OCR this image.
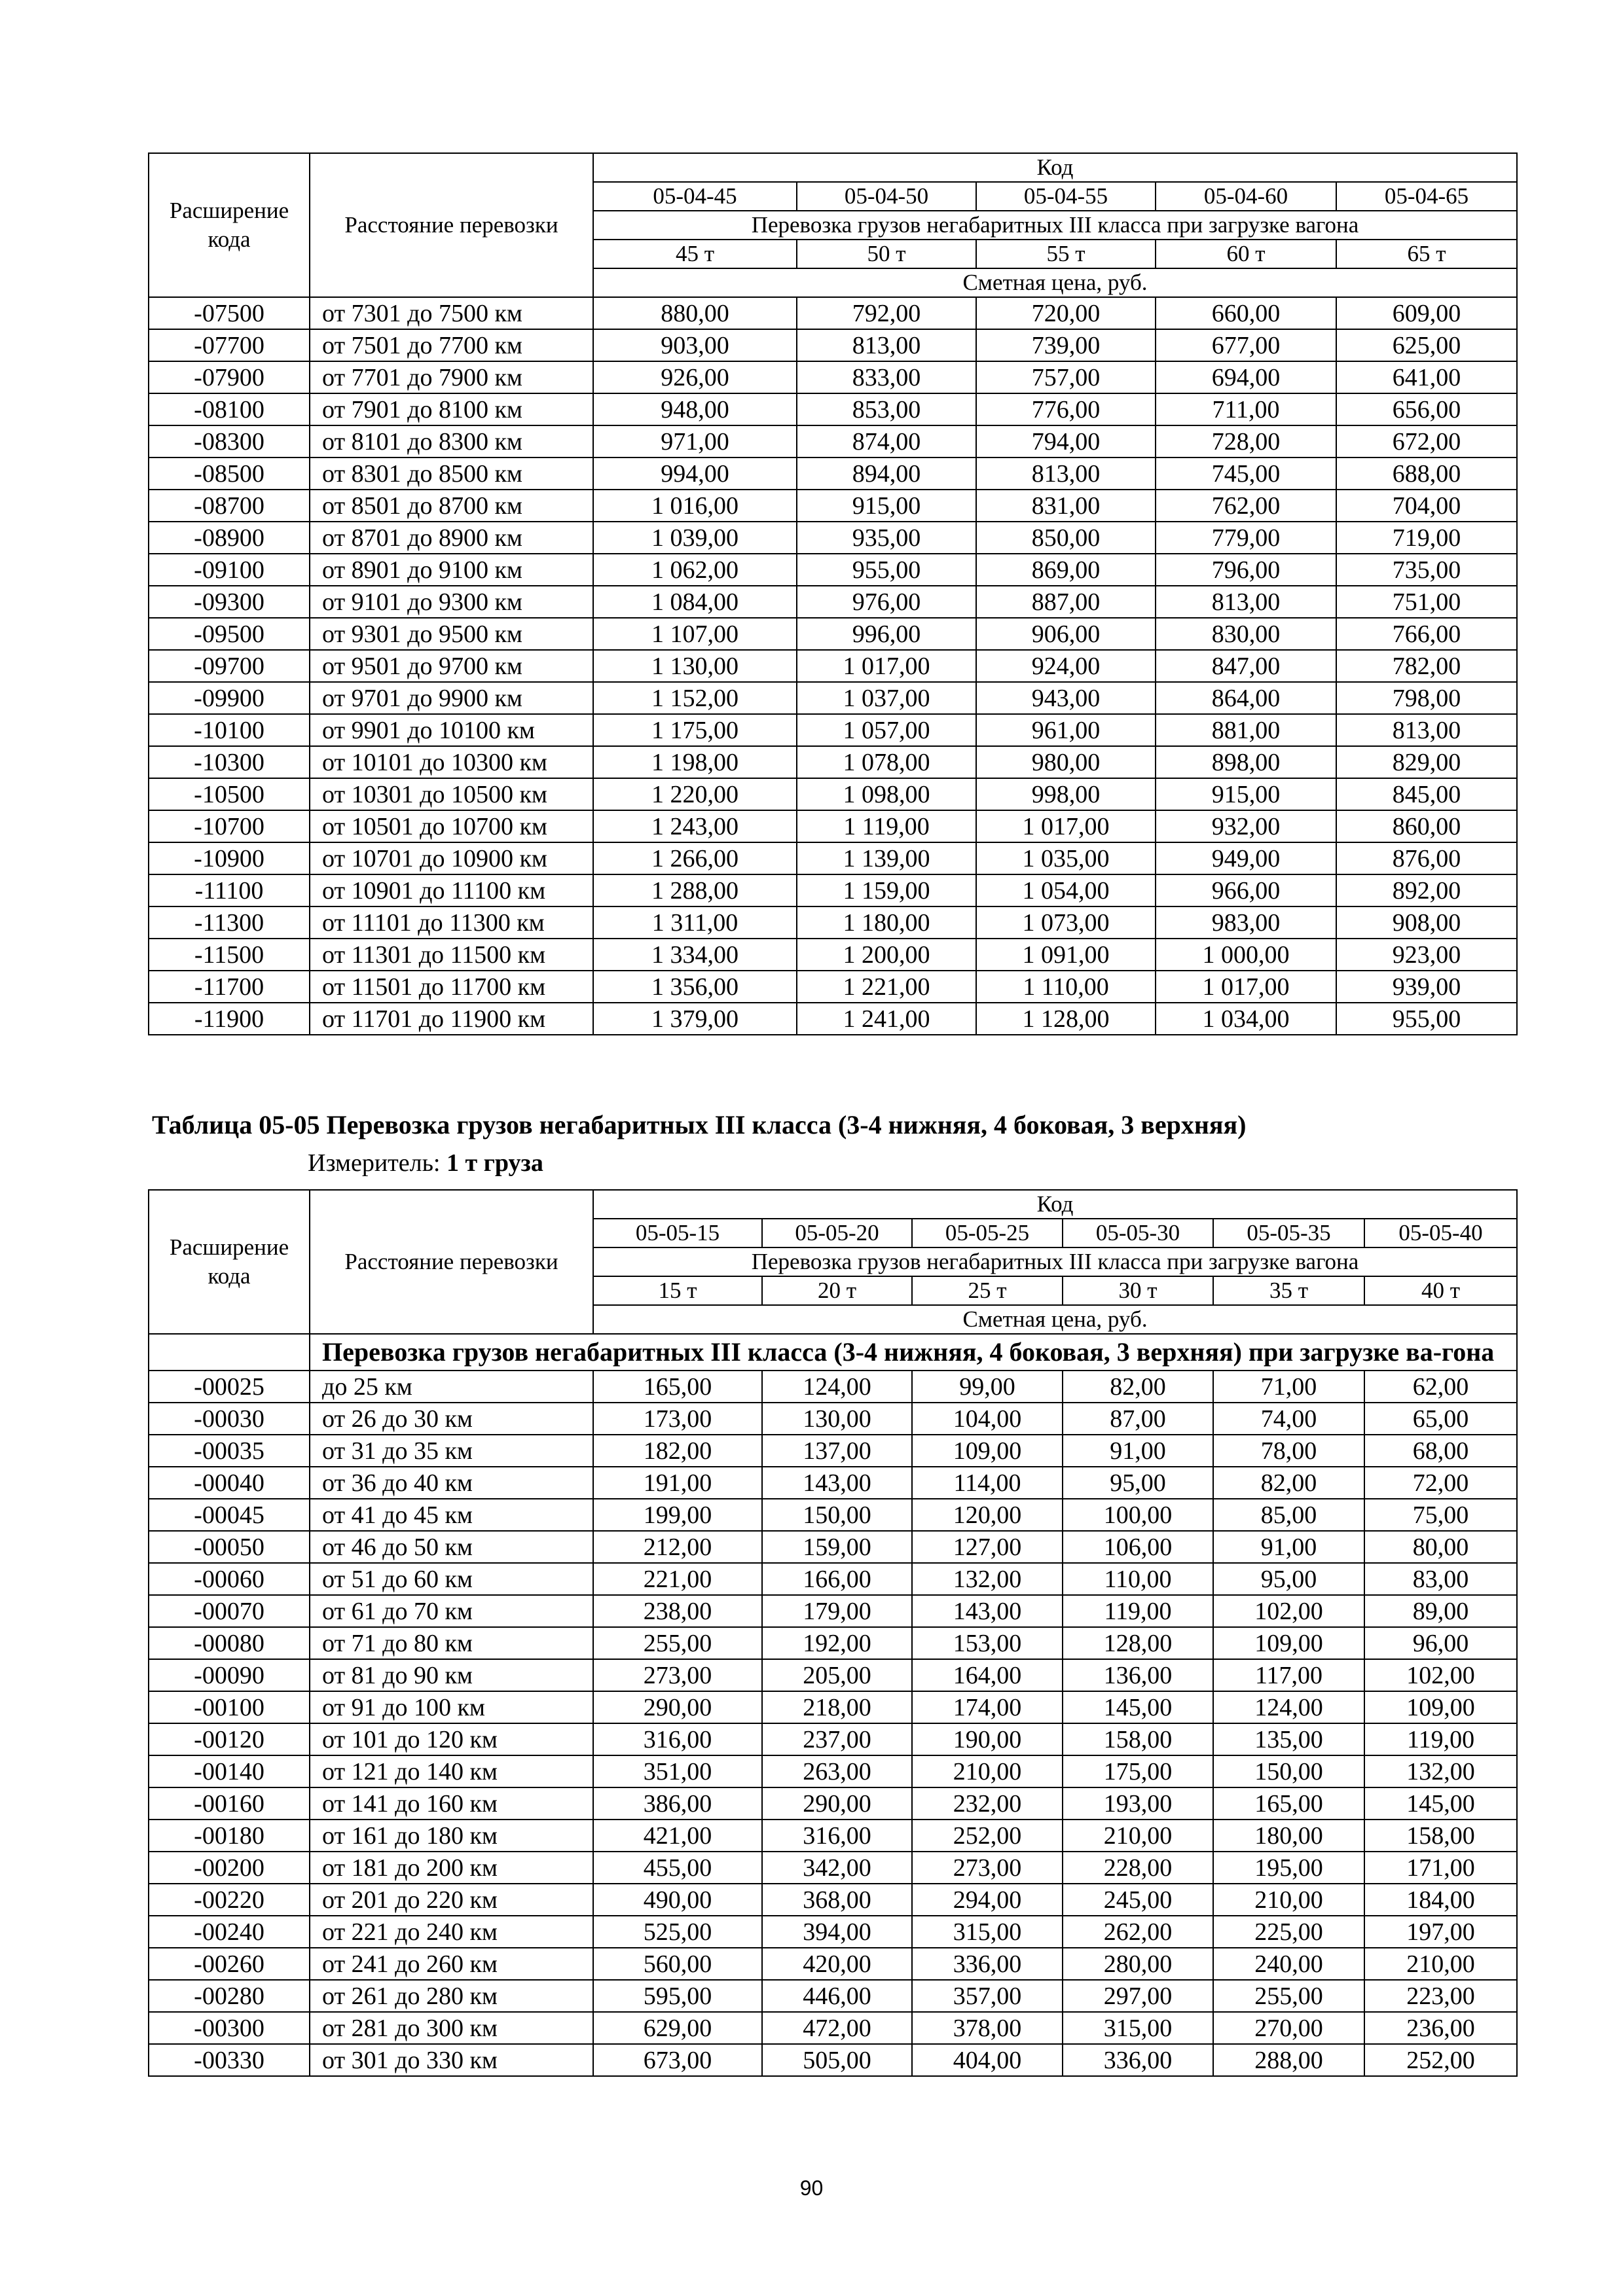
Расширение кода	Расстояние перевозки	Код				
		05-04-45	05-04-50	05-04-55	05-04-60	05-04-65
		Перевозка грузов негабаритных III класса при загрузке вагона				
		45 т	50 т	55 т	60 т	65 т
		Сметная цена, руб.				
-07500	от 7301 до 7500 км	880,00	792,00	720,00	660,00	609,00
-07700	от 7501 до 7700 км	903,00	813,00	739,00	677,00	625,00
-07900	от 7701 до 7900 км	926,00	833,00	757,00	694,00	641,00
-08100	от 7901 до 8100 км	948,00	853,00	776,00	711,00	656,00
-08300	от 8101 до 8300 км	971,00	874,00	794,00	728,00	672,00
-08500	от 8301 до 8500 км	994,00	894,00	813,00	745,00	688,00
-08700	от 8501 до 8700 км	1 016,00	915,00	831,00	762,00	704,00
-08900	от 8701 до 8900 км	1 039,00	935,00	850,00	779,00	719,00
-09100	от 8901 до 9100 км	1 062,00	955,00	869,00	796,00	735,00
-09300	от 9101 до 9300 км	1 084,00	976,00	887,00	813,00	751,00
-09500	от 9301 до 9500 км	1 107,00	996,00	906,00	830,00	766,00
-09700	от 9501 до 9700 км	1 130,00	1 017,00	924,00	847,00	782,00
-09900	от 9701 до 9900 км	1 152,00	1 037,00	943,00	864,00	798,00
-10100	от 9901 до 10100 км	1 175,00	1 057,00	961,00	881,00	813,00
-10300	от 10101 до 10300 км	1 198,00	1 078,00	980,00	898,00	829,00
-10500	от 10301 до 10500 км	1 220,00	1 098,00	998,00	915,00	845,00
-10700	от 10501 до 10700 км	1 243,00	1 119,00	1 017,00	932,00	860,00
-10900	от 10701 до 10900 км	1 266,00	1 139,00	1 035,00	949,00	876,00
-11100	от 10901 до 11100 км	1 288,00	1 159,00	1 054,00	966,00	892,00
-11300	от 11101 до 11300 км	1 311,00	1 180,00	1 073,00	983,00	908,00
-11500	от 11301 до 11500 км	1 334,00	1 200,00	1 091,00	1 000,00	923,00
-11700	от 11501 до 11700 км	1 356,00	1 221,00	1 110,00	1 017,00	939,00
-11900	от 11701 до 11900 км	1 379,00	1 241,00	1 128,00	1 034,00	955,00
Таблица 05-05 Перевозка грузов негабаритных III класса (3-4 нижняя, 4 боковая, 3 верхняя)
Измеритель: 1 т груза
Расширение кода	Расстояние перевозки	Код					
		05-05-15	05-05-20	05-05-25	05-05-30	05-05-35	05-05-40
		Перевозка грузов негабаритных III класса при загрузке вагона					
		15 т	20 т	25 т	30 т	35 т	40 т
		Сметная цена, руб.					
	Перевозка грузов негабаритных III класса (3-4 нижняя, 4 боковая, 3 верхняя) при загрузке ва-гона						
-00025	до 25 км	165,00	124,00	99,00	82,00	71,00	62,00
-00030	от 26 до 30 км	173,00	130,00	104,00	87,00	74,00	65,00
-00035	от 31 до 35 км	182,00	137,00	109,00	91,00	78,00	68,00
-00040	от 36 до 40 км	191,00	143,00	114,00	95,00	82,00	72,00
-00045	от 41 до 45 км	199,00	150,00	120,00	100,00	85,00	75,00
-00050	от 46 до 50 км	212,00	159,00	127,00	106,00	91,00	80,00
-00060	от 51 до 60 км	221,00	166,00	132,00	110,00	95,00	83,00
-00070	от 61 до 70 км	238,00	179,00	143,00	119,00	102,00	89,00
-00080	от 71 до 80 км	255,00	192,00	153,00	128,00	109,00	96,00
-00090	от 81 до 90 км	273,00	205,00	164,00	136,00	117,00	102,00
-00100	от 91 до 100 км	290,00	218,00	174,00	145,00	124,00	109,00
-00120	от 101 до 120 км	316,00	237,00	190,00	158,00	135,00	119,00
-00140	от 121 до 140 км	351,00	263,00	210,00	175,00	150,00	132,00
-00160	от 141 до 160 км	386,00	290,00	232,00	193,00	165,00	145,00
-00180	от 161 до 180 км	421,00	316,00	252,00	210,00	180,00	158,00
-00200	от 181 до 200 км	455,00	342,00	273,00	228,00	195,00	171,00
-00220	от 201 до 220 км	490,00	368,00	294,00	245,00	210,00	184,00
-00240	от 221 до 240 км	525,00	394,00	315,00	262,00	225,00	197,00
-00260	от 241 до 260 км	560,00	420,00	336,00	280,00	240,00	210,00
-00280	от 261 до 280 км	595,00	446,00	357,00	297,00	255,00	223,00
-00300	от 281 до 300 км	629,00	472,00	378,00	315,00	270,00	236,00
-00330	от 301 до 330 км	673,00	505,00	404,00	336,00	288,00	252,00
90
